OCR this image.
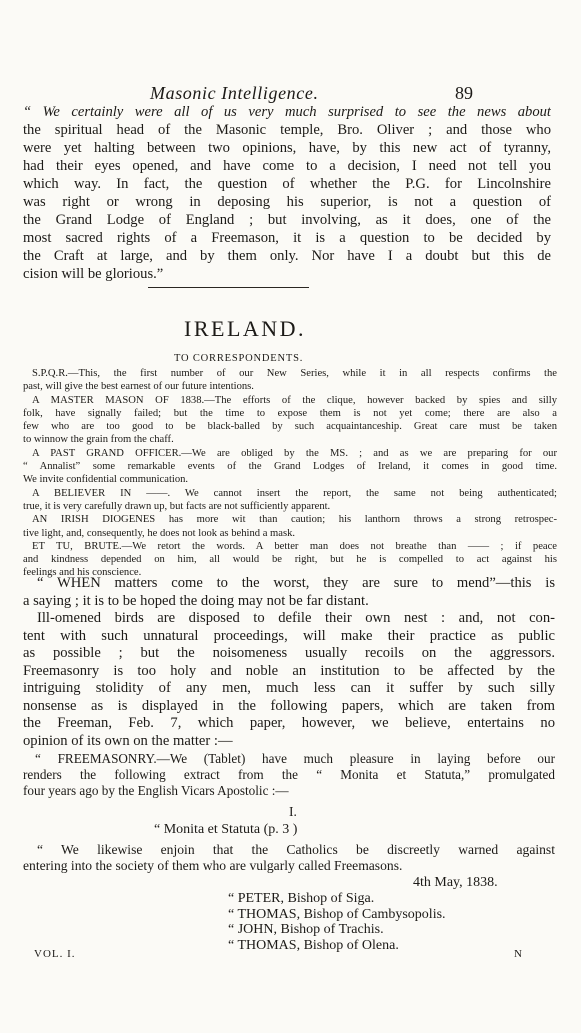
Masonic Intelligence.	89
“ We certainly were all of us very much surprised to see the news about
the spiritual head of the Masonic temple, Bro. Oliver ; and those who
were yet halting between two opinions, have, by this new act of tyranny,
had their eyes opened, and have come to a decision, I need not tell you
which way. In fact, the question of whether the P.G. for Lincolnshire
was right or wrong in deposing his superior, is not a question of
the Grand Lodge of England ; but involving, as it does, one of the
most sacred rights of a Freemason, it is a question to be decided by
the Craft at large, and by them only. Nor have I a doubt but this de
cision will be glorious.”
IRELAND.
TO CORRESPONDENTS.
S.P.Q.R.—This, the first number of our New Series, while it in all respects confirms the
past, will give the best earnest of our future intentions.
A MASTER MASON OF 1838.—The efforts of the clique, however backed by spies and silly
folk, have signally failed; but the time to expose them is not yet come; there are also a
few who are too good to be black-balled by such acquaintanceship. Great care must be taken
to winnow the grain from the chaff.
A PAST GRAND OFFICER.—We are obliged by the MS. ; and as we are preparing for our
“ Annalist” some remarkable events of the Grand Lodges of Ireland, it comes in good time.
We invite confidential communication.
A BELIEVER IN ——. We cannot insert the report, the same not being authenticated;
true, it is very carefully drawn up, but facts are not sufficiently apparent.
AN IRISH DIOGENES has more wit than caution; his lanthorn throws a strong retrospec-
tive light, and, consequently, he does not look as behind a mask.
ET TU, BRUTE.—We retort the words. A better man does not breathe than —— ; if peace
and kindness depended on him, all would be right, but he is compelled to act against his
feelings and his conscience.
“ WHEN matters come to the worst, they are sure to mend”—this is
a saying ; it is to be hoped the doing may not be far distant.
Ill-omened birds are disposed to defile their own nest : and, not con-
tent with such unnatural proceedings, will make their practice as public
as possible ; but the noisomeness usually recoils on the aggressors.
Freemasonry is too holy and noble an institution to be affected by the
intriguing stolidity of any men, much less can it suffer by such silly
nonsense as is displayed in the following papers, which are taken from
the Freeman, Feb. 7, which paper, however, we believe, entertains no
opinion of its own on the matter :—
“ FREEMASONRY.—We (Tablet) have much pleasure in laying before our
renders the following extract from the “ Monita et Statuta,” promulgated
four years ago by the English Vicars Apostolic :—
I.
“ Monita et Statuta (p. 3 )
“ We likewise enjoin that the Catholics be discreetly warned against
entering into the society of them who are vulgarly called Freemasons.
4th May, 1838.
“ PETER, Bishop of Siga.
“ THOMAS, Bishop of Cambysopolis.
“ JOHN, Bishop of Trachis.
“ THOMAS, Bishop of Olena.
VOL. I.	N
